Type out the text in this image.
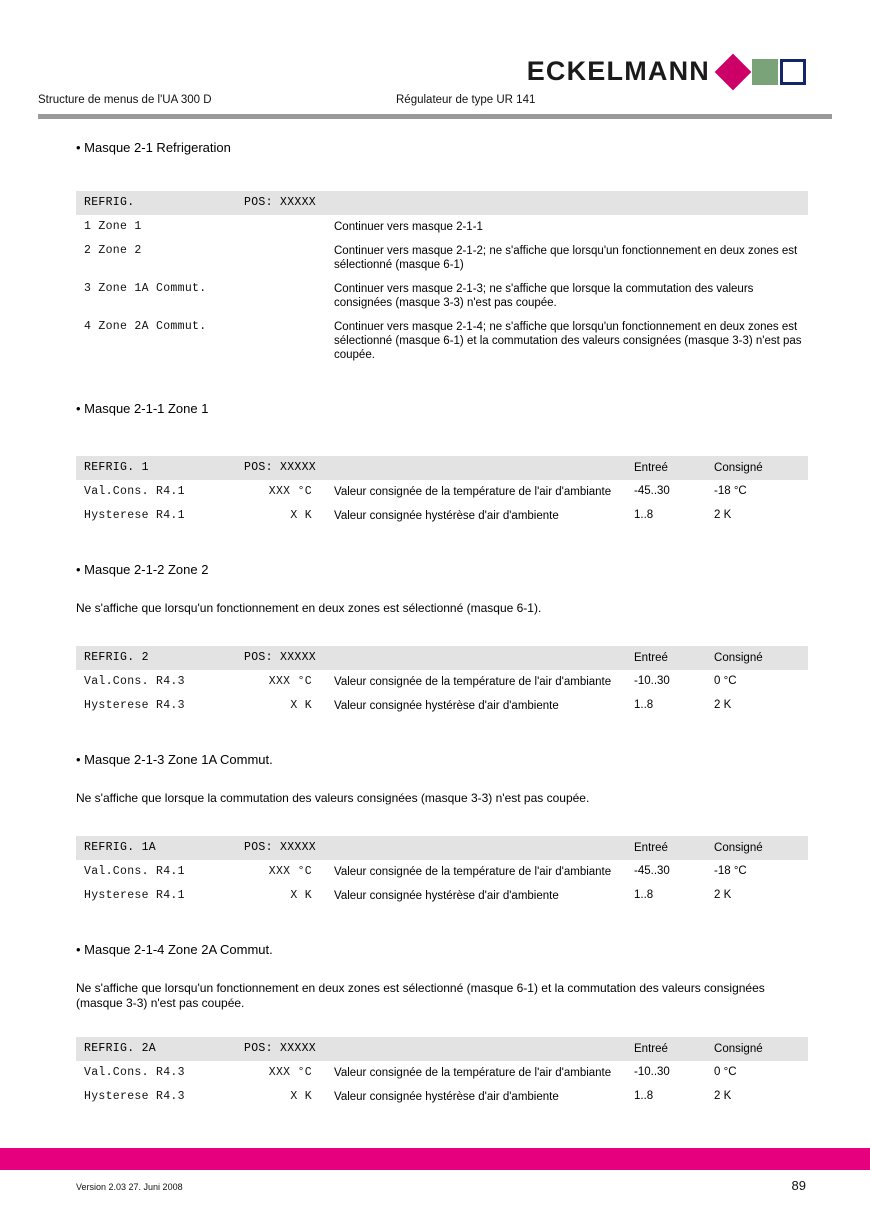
ECKELMANN
Structure de menus de l'UA 300 D	Régulateur de type UR 141
• Masque 2-1 Refrigeration
REFRIG.	POS: XXXXX	
1 Zone 1		Continuer vers masque 2-1-1
2 Zone 2		Continuer vers masque 2-1-2; ne s'affiche que lorsqu'un fonctionnement en deux zones est sélectionné (masque 6-1)
3 Zone 1A Commut.		Continuer vers masque 2-1-3; ne s'affiche que lorsque la commutation des valeurs consignées (masque 3-3) n'est pas coupée.
4 Zone 2A Commut.		Continuer vers masque 2-1-4; ne s'affiche que lorsqu'un fonctionnement en deux zones est sélectionné (masque 6-1) et la commutation des valeurs consignées (masque 3-3) n'est pas coupée.
• Masque 2-1-1 Zone 1
REFRIG. 1	POS: XXXXX		Entreé	Consigné
Val.Cons. R4.1	XXX °C	Valeur consignée de la température de l'air d'ambiante	-45..30	-18 °C
Hysterese R4.1	X K	Valeur consignée hystérèse d'air d'ambiente	1..8	2 K
• Masque 2-1-2 Zone 2

Ne s'affiche que lorsqu'un fonctionnement en deux zones est sélectionné (masque 6-1).

REFRIG. 2	POS: XXXXX		Entreé	Consigné
Val.Cons. R4.3	XXX °C	Valeur consignée de la température de l'air d'ambiante	-10..30	0 °C
Hysterese R4.3	X K	Valeur consignée hystérèse d'air d'ambiente	1..8	2 K
• Masque 2-1-3 Zone 1A Commut.

Ne s'affiche que lorsque la commutation des valeurs consignées (masque 3-3) n'est pas coupée.

REFRIG. 1A	POS: XXXXX		Entreé	Consigné
Val.Cons. R4.1	XXX °C	Valeur consignée de la température de l'air d'ambiante	-45..30	-18 °C
Hysterese R4.1	X K	Valeur consignée hystérèse d'air d'ambiente	1..8	2 K
• Masque 2-1-4 Zone 2A Commut.

Ne s'affiche que lorsqu'un fonctionnement en deux zones est sélectionné (masque 6-1) et la commutation des valeurs consignées (masque 3-3) n'est pas coupée.

REFRIG. 2A	POS: XXXXX		Entreé	Consigné
Val.Cons. R4.3	XXX °C	Valeur consignée de la température de l'air d'ambiante	-10..30	0 °C
Hysterese R4.3	X K	Valeur consignée hystérèse d'air d'ambiente	1..8	2 K
© 2007 - ECKELMANN | BERLINER STRASSE 161 | 65205 WIESBADEN | FON +49(0)611 7103-0 | FAX 49(0)611 7103-133 | eckelmann.de
Version 2.03 27. Juni 2008	89
